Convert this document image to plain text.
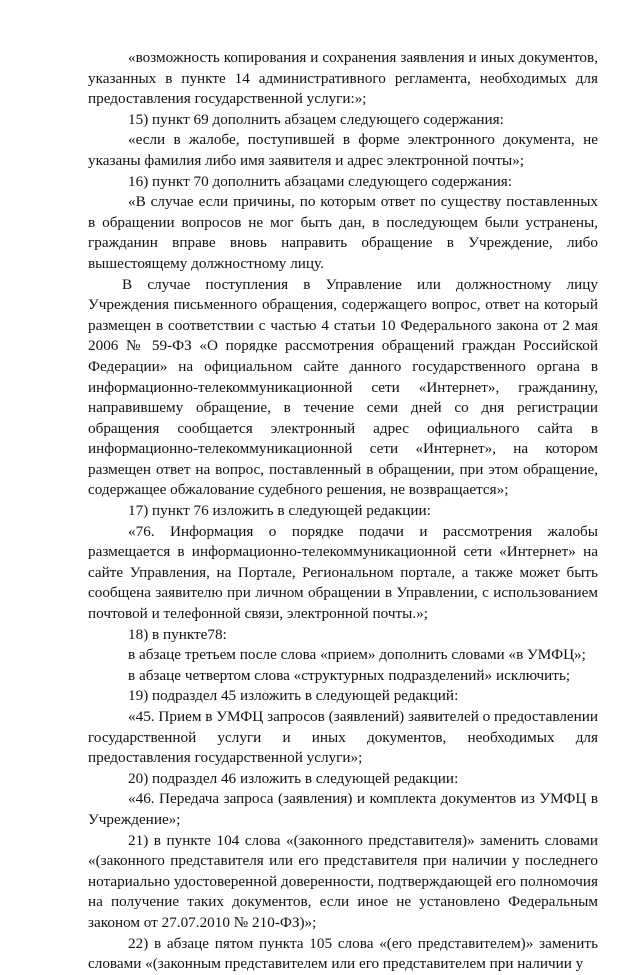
«возможность копирования и сохранения заявления и иных документов, указанных в пункте 14 административного регламента, необходимых для предоставления государственной услуги:»;

15) пункт 69 дополнить абзацем следующего содержания:

«если в жалобе, поступившей в форме электронного документа, не указаны фамилия либо имя заявителя и адрес электронной почты»;

16) пункт 70 дополнить абзацами следующего содержания:

«В случае если причины, по которым ответ по существу поставленных в обращении вопросов не мог быть дан, в последующем были устранены, гражданин вправе вновь направить обращение в Учреждение, либо вышестоящему должностному лицу.

В случае поступления в Управление или должностному лицу Учреждения письменного обращения, содержащего вопрос, ответ на который размещен в соответствии с частью 4 статьи 10 Федерального закона от 2 мая 2006 № 59-ФЗ «О порядке рассмотрения обращений граждан Российской Федерации» на официальном сайте данного государственного органа в информационно-телекоммуникационной сети «Интернет», гражданину, направившему обращение, в течение семи дней со дня регистрации обращения сообщается электронный адрес официального сайта в информационно-телекоммуникационной сети «Интернет», на котором размещен ответ на вопрос, поставленный в обращении, при этом обращение, содержащее обжалование судебного решения, не возвращается»;

17) пункт 76 изложить в следующей редакции:

«76. Информация о порядке подачи и рассмотрения жалобы размещается в информационно-телекоммуникационной сети «Интернет» на сайте Управления, на Портале, Региональном портале, а также может быть сообщена заявителю при личном обращении в Управлении, с использованием почтовой и телефонной связи, электронной почты.»;

18) в пункте78:

в абзаце третьем после слова «прием» дополнить словами «в УМФЦ»;

в абзаце четвертом слова «структурных подразделений» исключить;

19) подраздел 45 изложить в следующей редакций:

«45. Прием в УМФЦ запросов (заявлений) заявителей о предоставлении государственной услуги и иных документов, необходимых для предоставления государственной услуги»;

20) подраздел 46 изложить в следующей редакции:

«46. Передача запроса (заявления) и комплекта документов из УМФЦ в Учреждение»;

21) в пункте 104 слова «(законного представителя)» заменить словами «(законного представителя или его представителя при наличии у последнего нотариально удостоверенной доверенности, подтверждающей его полномочия на получение таких документов, если иное не установлено Федеральным законом от 27.07.2010 № 210-ФЗ)»;

22) в абзаце пятом пункта 105 слова «(его представителем)» заменить словами «(законным представителем или его представителем при наличии у
